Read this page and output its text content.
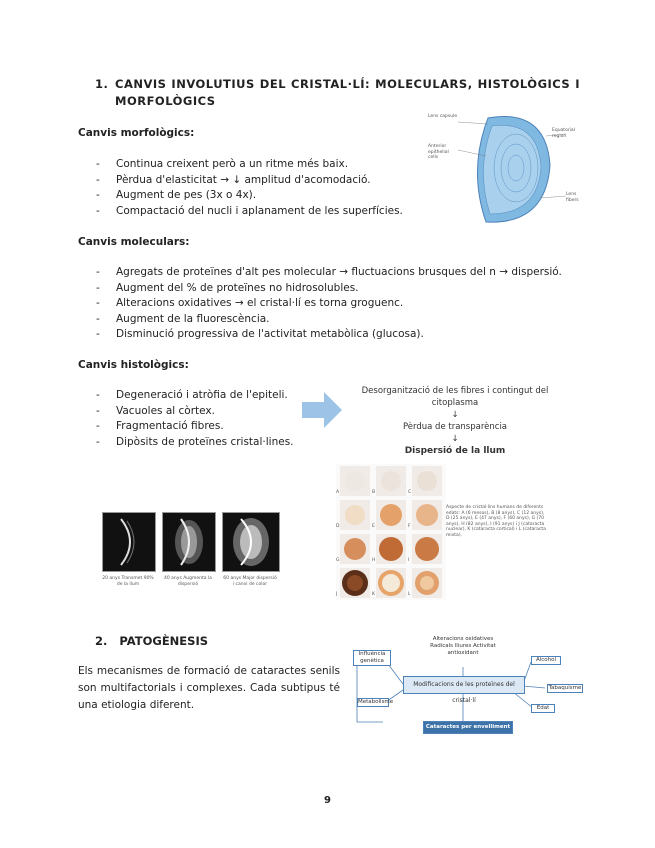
1. CANVIS INVOLUTIUS DEL CRISTAL·LÍ: MOLECULARS, HISTOLÒGICS I
MORFOLÒGICS
Canvis morfològics:
- Continua creixent però a un ritme més baix.
- Pèrdua d'elasticitat → ↓ amplitud d'acomodació.
- Augment de pes (3x o 4x).
- Compactació del nucli i aplanament de les superfícies.
Lens capsule
Anterior epithelial cells
Equatorial region
Lens fibers
Canvis moleculars:
- Agregats de proteïnes d'alt pes molecular → fluctuacions brusques del n → dispersió.
- Augment del % de proteïnes no hidrosolubles.
- Alteracions oxidatives → el cristal·lí es torna groguenc.
- Augment de la fluorescència.
- Disminució progressiva de l'activitat metabòlica (glucosa).
Canvis histològics:
- Degeneració i atròfia de l'epiteli.
- Vacuoles al còrtex.
- Fragmentació fibres.
- Dipòsits de proteïnes cristal·lines.
Desorganització de les fibres i contingut del citoplasma
↓
Pèrdua de transparència
↓
Dispersió de la llum
20 anys Transmet 90% de la llum
40 anys Augmenta la dispersió
60 anys Major dispersió i canvi de color
A	B	C
D	E	F
G	H	I
J	K	L
Aspecte de cristal·lins humans de diferents edats: A (6 mesos), B (8 anys), C (12 anys), D (25 anys), E (47 anys), F (60 anys), G (70 anys), H (82 anys), I (91 anys) i J (cataracta nuclear), K (cataracta cortical) i L (cataracta mixta).
2. PATOGÈNESIS
Els mecanismes de formació de cataractes senils son multifactorials i complexes. Cada subtipus té una etiologia diferent.
Alteracions oxidatives Radicals lliures Activitat antioxidant
Influència genètica
Metabolisme
Modificacions de les proteïnes del cristal·lí
Alcohol
Tabaquisme
Edat
Cataractes per envelliment
9
